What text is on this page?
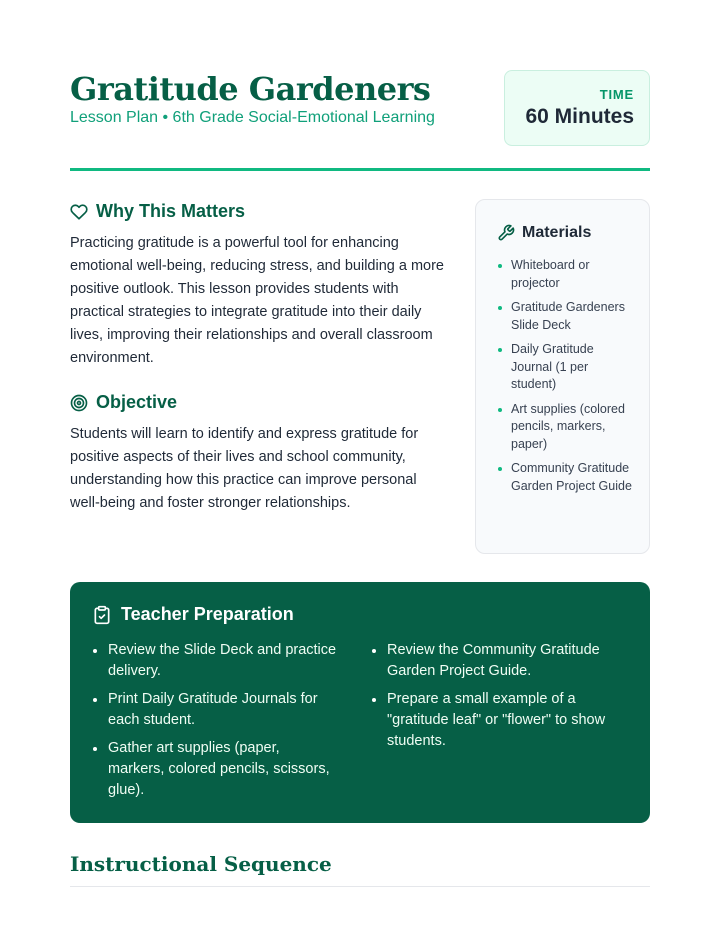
Gratitude Gardeners
Lesson Plan • 6th Grade Social-Emotional Learning
TIME
60 Minutes
Why This Matters

Practicing gratitude is a powerful tool for enhancing emotional well-being, reducing stress, and building a more positive outlook. This lesson provides students with practical strategies to integrate gratitude into their daily lives, improving their relationships and overall classroom environment.

Objective

Students will learn to identify and express gratitude for positive aspects of their lives and school community, understanding how this practice can improve personal well-being and foster stronger relationships.

Materials
Whiteboard or projector
Gratitude Gardeners Slide Deck
Daily Gratitude Journal (1 per student)
Art supplies (colored pencils, markers, paper)
Community Gratitude Garden Project Guide
Teacher Preparation
Review the Slide Deck and practice delivery.
Print Daily Gratitude Journals for each student.
Gather art supplies (paper, markers, colored pencils, scissors, glue).
Review the Community Gratitude Garden Project Guide.
Prepare a small example of a "gratitude leaf" or "flower" to show students.
Instructional Sequence
